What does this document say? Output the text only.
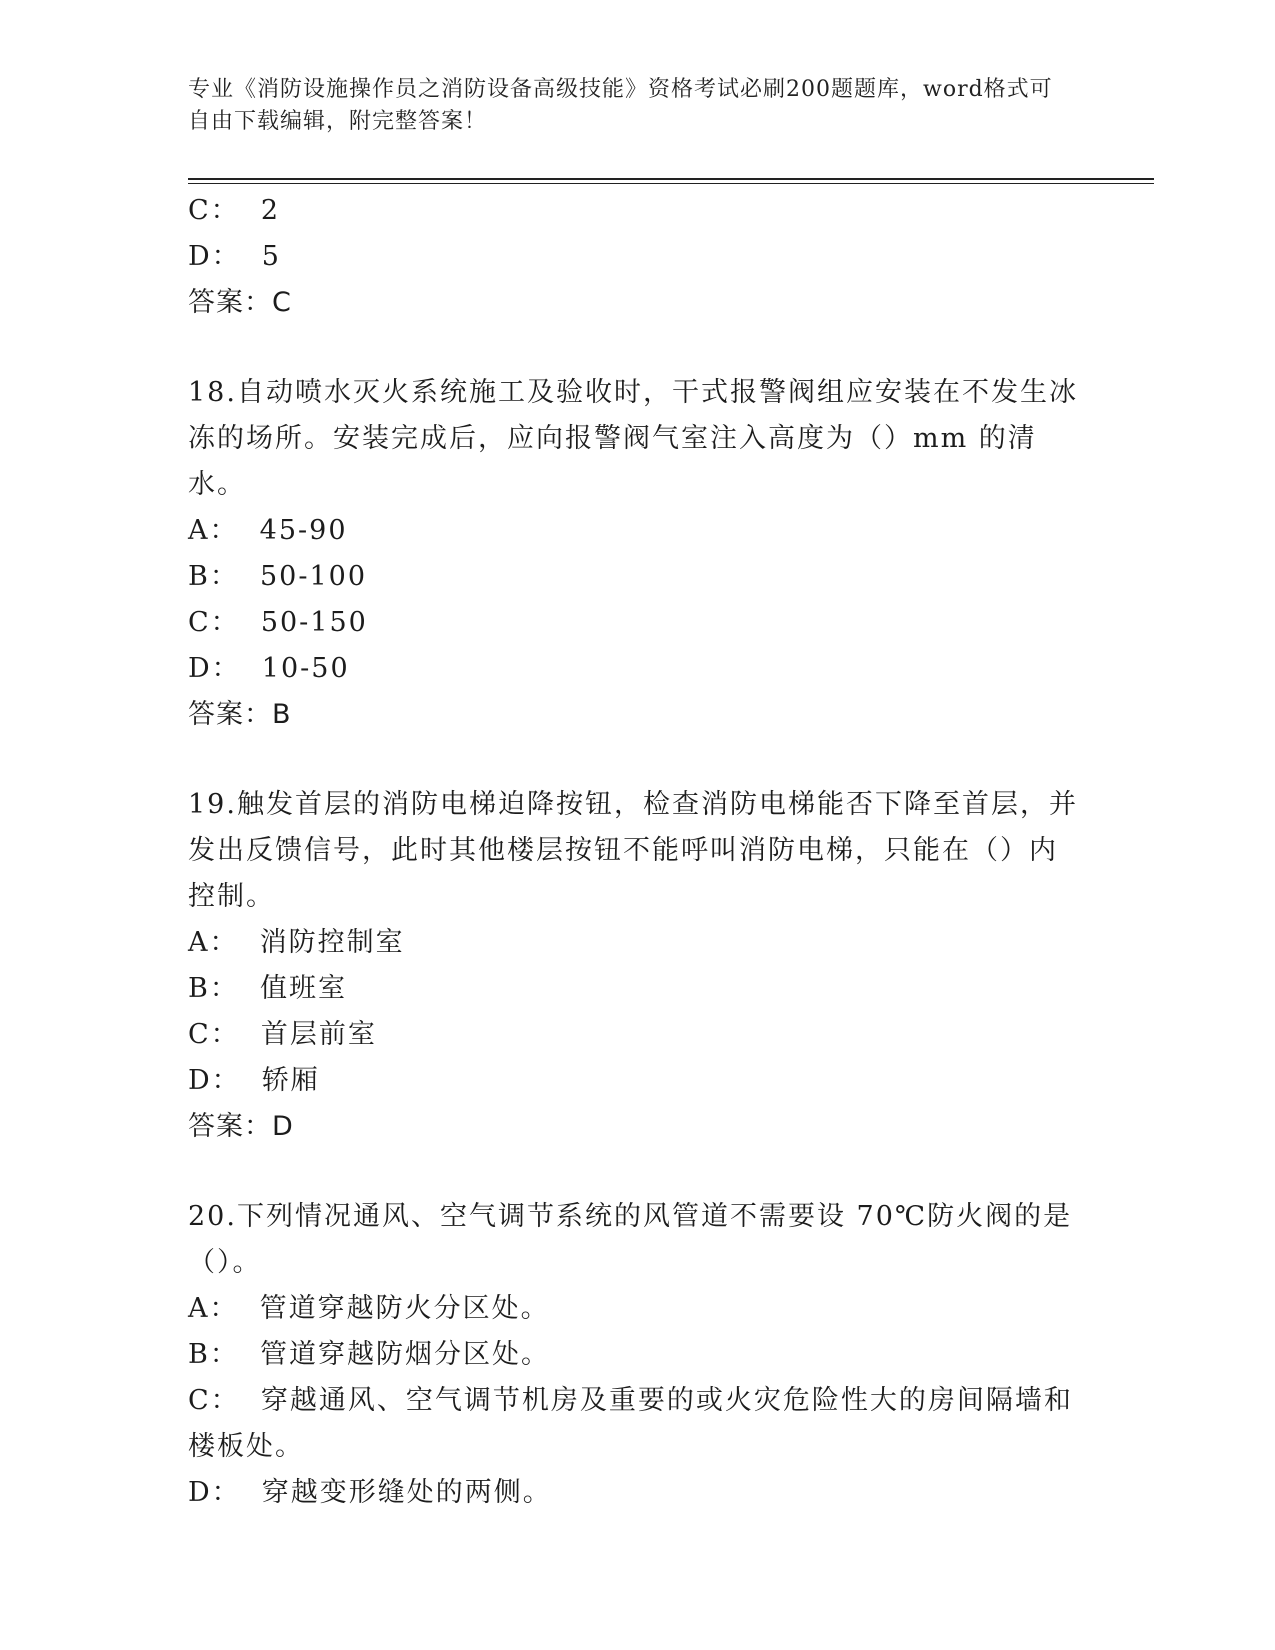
专业《消防设施操作员之消防设备高级技能》资格考试必刷200题题库，word格式可自由下载编辑，附完整答案！
C：  2
D：  5
答案：C
18.自动喷水灭火系统施工及验收时，干式报警阀组应安装在不发生冰冻的场所。安装完成后，应向报警阀气室注入高度为（）mm 的清水。
A：  45-90
B：  50-100
C：  50-150
D：  10-50
答案：B
19.触发首层的消防电梯迫降按钮，检查消防电梯能否下降至首层，并发出反馈信号，此时其他楼层按钮不能呼叫消防电梯，只能在（）内控制。
A：  消防控制室
B：  值班室
C：  首层前室
D：  轿厢
答案：D
20.下列情况通风、空气调节系统的风管道不需要设 70℃防火阀的是（）。
A：  管道穿越防火分区处。
B：  管道穿越防烟分区处。
C：  穿越通风、空气调节机房及重要的或火灾危险性大的房间隔墙和楼板处。
D：  穿越变形缝处的两侧。
